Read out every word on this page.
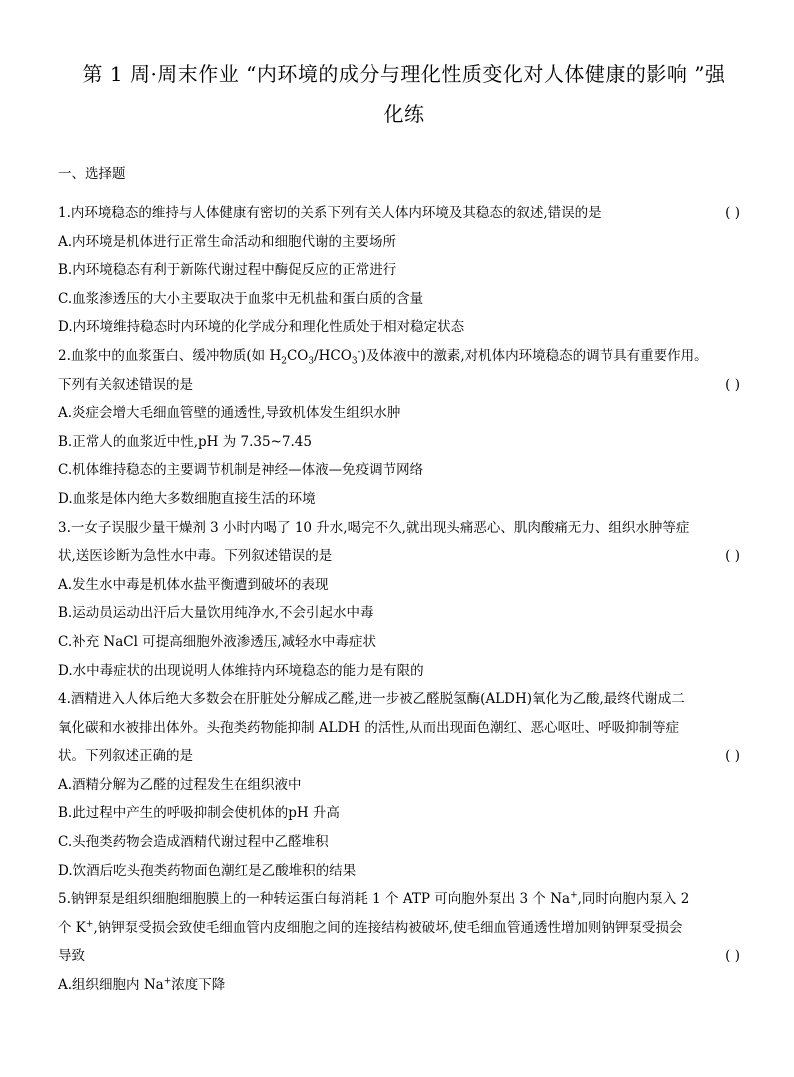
第 1 周·周末作业 “内环境的成分与理化性质变化对人体健康的影响 ”强
化练
一、选择题
1.内环境稳态的维持与人体健康有密切的关系下列有关人体内环境及其稳态的叙述,错误的是	( )
A.内环境是机体进行正常生命活动和细胞代谢的主要场所
B.内环境稳态有利于新陈代谢过程中酶促反应的正常进行
C.血浆渗透压的大小主要取决于血浆中无机盐和蛋白质的含量
D.内环境维持稳态时内环境的化学成分和理化性质处于相对稳定状态
2.血浆中的血浆蛋白、缓冲物质(如 $H_2CO_3/HCO_3^-$)及体液中的激素,对机体内环境稳态的调节具有重要作用。
下列有关叙述错误的是	( )
A.炎症会增大毛细血管壁的通透性,导致机体发生组织水肿
B.正常人的血浆近中性,pH 为 7.35~7.45
C.机体维持稳态的主要调节机制是神经—体液—免疫调节网络
D.血浆是体内绝大多数细胞直接生活的环境
3.一女子误服少量干燥剂 3 小时内喝了 10 升水,喝完不久,就出现头痛恶心、肌肉酸痛无力、组织水肿等症
状,送医诊断为急性水中毒。下列叙述错误的是	( )
A.发生水中毒是机体水盐平衡遭到破坏的表现
B.运动员运动出汗后大量饮用纯净水,不会引起水中毒
C.补充 NaCl 可提高细胞外液渗透压,减轻水中毒症状
D.水中毒症状的出现说明人体维持内环境稳态的能力是有限的
4.酒精进入人体后绝大多数会在肝脏处分解成乙醛,进一步被乙醛脱氢酶(ALDH)氧化为乙酸,最终代谢成二
氧化碳和水被排出体外。头孢类药物能抑制 ALDH 的活性,从而出现面色潮红、恶心呕吐、呼吸抑制等症
状。下列叙述正确的是	( )
A.酒精分解为乙醛的过程发生在组织液中
B.此过程中产生的呼吸抑制会使机体的pH 升高
C.头孢类药物会造成酒精代谢过程中乙醛堆积
D.饮酒后吃头孢类药物面色潮红是乙酸堆积的结果
5.钠钾泵是组织细胞细胞膜上的一种转运蛋白每消耗 1 个 ATP 可向胞外泵出 3 个 Na+,同时向胞内泵入 2
个 K+,钠钾泵受损会致使毛细血管内皮细胞之间的连接结构被破坏,使毛细血管通透性增加则钠钾泵受损会
导致	( )
A.组织细胞内 Na+浓度下降
